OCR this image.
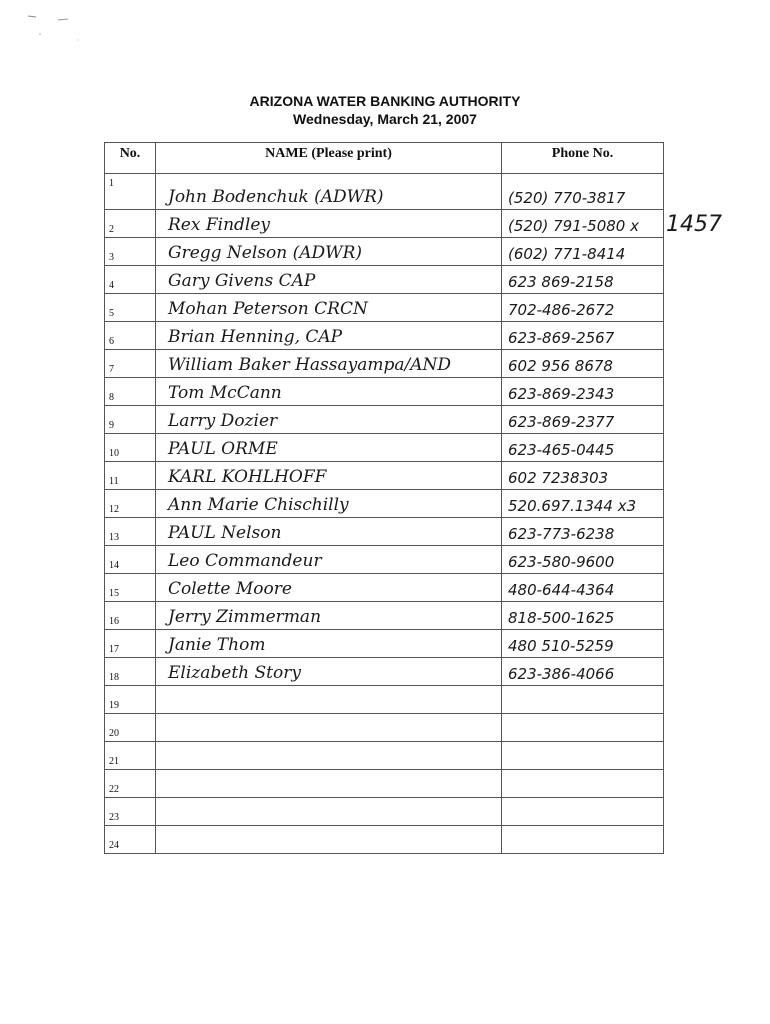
ARIZONA WATER BANKING AUTHORITY
Wednesday, March 21, 2007
No.	NAME (Please print)	Phone No.
1	John Bodenchuk (ADWR)	(520) 770-3817
2	Rex Findley	(520) 791-5080 x
3	Gregg Nelson (ADWR)	(602) 771-8414
4	Gary Givens CAP	623 869-2158
5	Mohan Peterson CRCN	702-486-2672
6	Brian Henning, CAP	623-869-2567
7	William Baker Hassayampa/AND	602 956 8678
8	Tom McCann	623-869-2343
9	Larry Dozier	623-869-2377
10	PAUL ORME	623-465-0445
11	KARL KOHLHOFF	602 7238303
12	Ann Marie Chischilly	520.697.1344 x3
13	PAUL Nelson	623-773-6238
14	Leo Commandeur	623-580-9600
15	Colette Moore	480-644-4364
16	Jerry Zimmerman	818-500-1625
17	Janie Thom	480 510-5259
18	Elizabeth Story	623-386-4066
19		
20		
21		
22		
23		
24		
1457
